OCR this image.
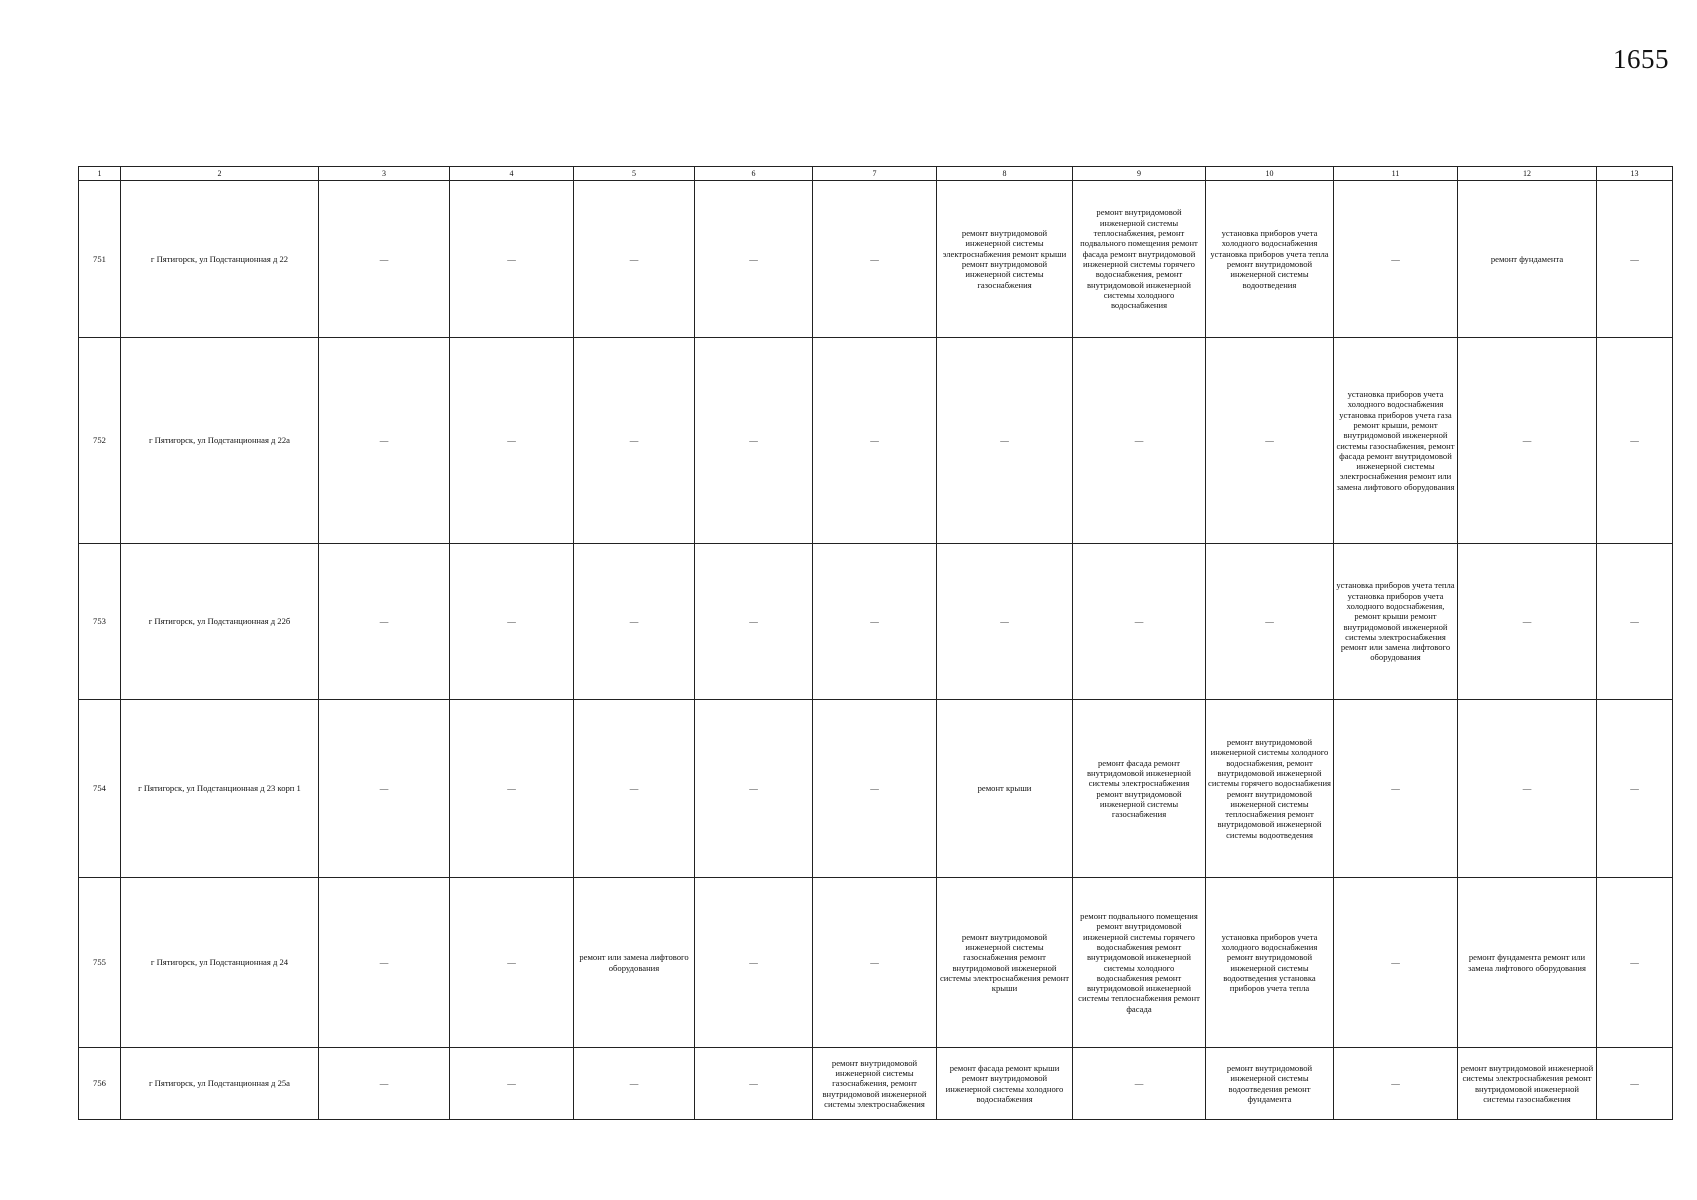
1655
1	2	3	4	5	6	7	8	9	10	11	12	13
751	г Пятигорск, ул Подстанционная д 22	—	—	—	—	—	ремонт внутридомовой инженерной системы электроснабжения ремонт крыши ремонт внутридомовой инженерной системы газоснабжения	ремонт внутридомовой инженерной системы теплоснабжения, ремонт подвального помещения ремонт фасада ремонт внутридомовой инженерной системы горячего водоснабжения, ремонт внутридомовой инженерной системы холодного водоснабжения	установка приборов учета холодного водоснабжения установка приборов учета тепла ремонт внутридомовой инженерной системы водоотведения	—	ремонт фундамента	—
752	г Пятигорск, ул Подстанционная д 22а	—	—	—	—	—	—	—	—	установка приборов учета холодного водоснабжения установка приборов учета газа ремонт крыши, ремонт внутридомовой инженерной системы газоснабжения, ремонт фасада ремонт внутридомовой инженерной системы электроснабжения ремонт или замена лифтового оборудования	—	—
753	г Пятигорск, ул Подстанционная д 22б	—	—	—	—	—	—	—	—	установка приборов учета тепла установка приборов учета холодного водоснабжения, ремонт крыши ремонт внутридомовой инженерной системы электроснабжения ремонт или замена лифтового оборудования	—	—
754	г Пятигорск, ул Подстанционная д 23 корп 1	—	—	—	—	—	ремонт крыши	ремонт фасада ремонт внутридомовой инженерной системы электроснабжения ремонт внутридомовой инженерной системы газоснабжения	ремонт внутридомовой инженерной системы холодного водоснабжения, ремонт внутридомовой инженерной системы горячего водоснабжения ремонт внутридомовой инженерной системы теплоснабжения ремонт внутридомовой инженерной системы водоотведения	—	—	—
755	г Пятигорск, ул Подстанционная д 24	—	—	ремонт или замена лифтового оборудования	—	—	ремонт внутридомовой инженерной системы газоснабжения ремонт внутридомовой инженерной системы электроснабжения ремонт крыши	ремонт подвального помещения ремонт внутридомовой инженерной системы горячего водоснабжения ремонт внутридомовой инженерной системы холодного водоснабжения ремонт внутридомовой инженерной системы теплоснабжения ремонт фасада	установка приборов учета холодного водоснабжения ремонт внутридомовой инженерной системы водоотведения установка приборов учета тепла	—	ремонт фундамента ремонт или замена лифтового оборудования	—
756	г Пятигорск, ул Подстанционная д 25а	—	—	—	—	ремонт внутридомовой инженерной системы газоснабжения, ремонт внутридомовой инженерной системы электроснабжения	ремонт фасада ремонт крыши ремонт внутридомовой инженерной системы холодного водоснабжения	—	ремонт внутридомовой инженерной системы водоотведения ремонт фундамента	—	ремонт внутридомовой инженерной системы электроснабжения ремонт внутридомовой инженерной системы газоснабжения	—
